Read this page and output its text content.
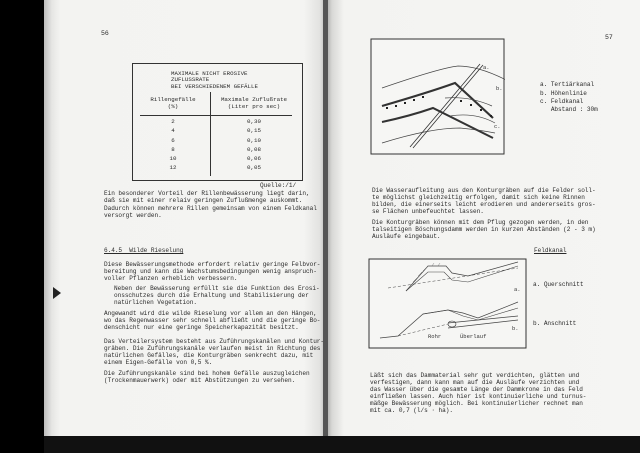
56
MAXIMALE NICHT EROSIVE
ZUFLUSSRATE
BEI VERSCHIEDENEM GEFÄLLE
Rillengefälle
(%)
Maximale Zuflußrate
(Liter pro sec)
2
4
6
8
10
12
0,30
0,15
0,10
0,08
0,06
0,05
Quelle:/1/
Ein besonderer Vorteil der Rillenbewässerung liegt darin,
daß sie mit einer relaiv geringen Zuflußmenge auskommt.
Dadurch können mehrere Rillen gemeinsam von einem Feldkanal
versorgt werden.
6.4.5  Wilde Rieselung
Diese Bewässerungsmethode erfordert relativ geringe Felbvor-
bereitung und kann die Wachstumsbedingungen wenig anspruch-
voller Pflanzen erheblich verbessern.
Neben der Bewässerung erfüllt sie die Funktion des Erosi-
onsschutzes durch die Erhaltung und Stabilisierung der
natürlichen Vegetation.
Angewandt wird die wilde Rieselung vor allem an den Hängen,
wo das Regenwasser sehr schnell abfließt und die geringe Bo-
denschicht nur eine geringe Speicherkapazität besitzt.
Das Verteilersystem besteht aus Zuführungskanälen und Kontur-
gräben. Die Zuführungskanäle verlaufen meist in Richtung des
natürlichen Gefälles, die Konturgräben senkrecht dazu, mit
einem Eigen-Gefälle von 0,5 %.
Die Zuführungskanäle sind bei hohem Gefälle auszugleichen
(Trockenmauerwerk) oder mit Abstützungen zu versehen.
57
a.
b.
c.
a. Tertiärkanal
b. Höhenlinie
c. Feldkanal
Abstand : 30m
Die Wasseraufleitung aus den Konturgräben auf die Felder soll-
te möglichst gleichzeitig erfolgen, damit sich keine Rinnen
bilden, die einerseits leicht erodieren und andererseits gros-
se Flächen unbefeuchtet lassen.
Die Konturgräben können mit dem Pflug gezogen werden, in den
talseitigen Böschungsdamm werden in kurzen Abständen (2 - 3 m)
Ausläufe eingebaut.
Feldkanal
a.
b.
Rohr	Überlauf
a. Querschnitt
b. Anschnitt
Läßt sich das Dammaterial sehr gut verdichten, glätten und
verfestigen, dann kann man auf die Ausläufe verzichten und
das Wasser über die gesamte Länge der Dammkrone in das Feld
einfließen lassen. Auch hier ist kontinuierliche und turnus-
mäßge Bewässerung möglich. Bei kontinuierlicher rechnet man
mit ca. 0,7 (l/s · ha).
